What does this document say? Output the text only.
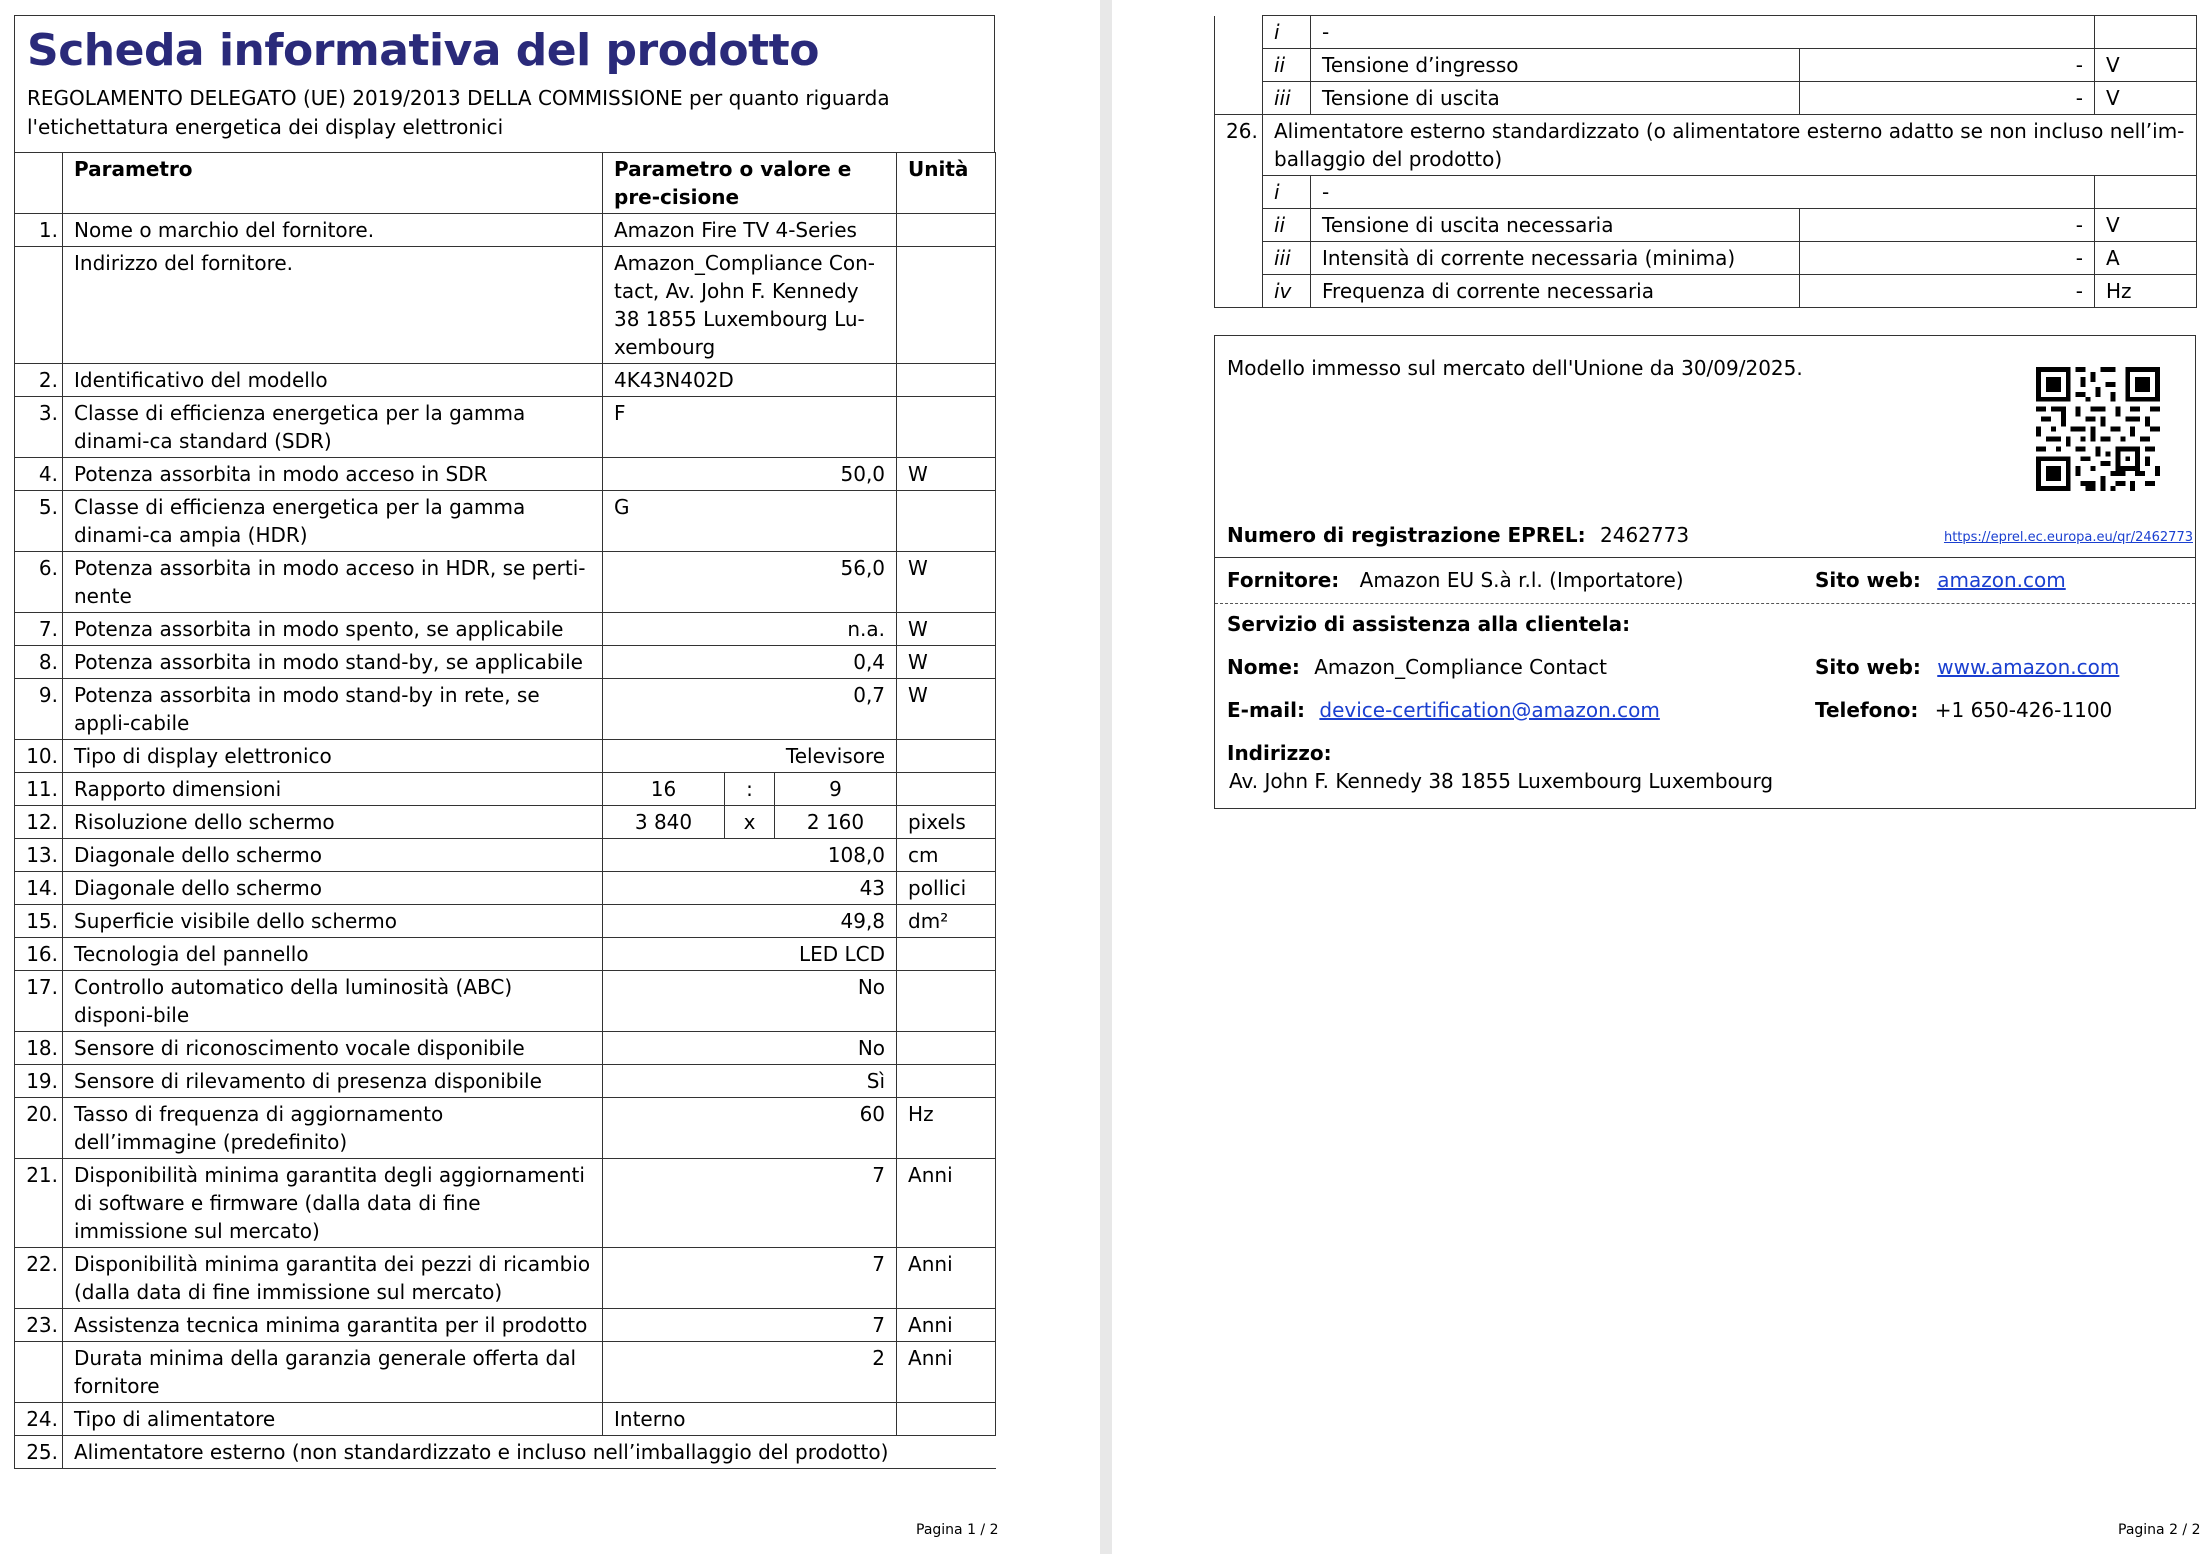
Scheda informativa del prodotto
REGOLAMENTO DELEGATO (UE) 2019/2013 DELLA COMMISSIONE per quanto riguarda
l'etichettatura energetica dei display elettronici
	Parametro	Parametro o valore e pre-cisione			Unità
1.	Nome o marchio del fornitore.	Amazon Fire TV 4-Series			
	Indirizzo del fornitore.	Amazon_Compliance Con-tact, Av. John F. Kennedy 38 1855 Luxembourg Lu-xembourg			
2.	Identificativo del modello	4K43N402D			
3.	Classe di efficienza energetica per la gamma dinami-ca standard (SDR)	F			
4.	Potenza assorbita in modo acceso in SDR	50,0			W
5.	Classe di efficienza energetica per la gamma dinami-ca ampia (HDR)	G			
6.	Potenza assorbita in modo acceso in HDR, se perti-nente	56,0			W
7.	Potenza assorbita in modo spento, se applicabile	n.a.			W
8.	Potenza assorbita in modo stand-by, se applicabile	0,4			W
9.	Potenza assorbita in modo stand-by in rete, se appli-cabile	0,7			W
10.	Tipo di display elettronico	Televisore			
11.	Rapporto dimensioni	16	:	9	
12.	Risoluzione dello schermo	3 840	x	2 160	pixels
13.	Diagonale dello schermo	108,0			cm
14.	Diagonale dello schermo	43			pollici
15.	Superficie visibile dello schermo	49,8			dm²
16.	Tecnologia del pannello	LED LCD			
17.	Controllo automatico della luminosità (ABC) disponi-bile	No			
18.	Sensore di riconoscimento vocale disponibile	No			
19.	Sensore di rilevamento di presenza disponibile	Sì			
20.	Tasso di frequenza di aggiornamento dell’immagine (predefinito)	60			Hz
21.	Disponibilità minima garantita degli aggiornamenti di software e firmware (dalla data di fine immissione sul mercato)	7			Anni
22.	Disponibilità minima garantita dei pezzi di ricambio (dalla data di fine immissione sul mercato)	7			Anni
23.	Assistenza tecnica minima garantita per il prodotto	7			Anni
	Durata minima della garanzia generale offerta dal fornitore	2			Anni
24.	Tipo di alimentatore	Interno			
25.	Alimentatore esterno (non standardizzato e incluso nell’imballaggio del prodotto)				
Pagina 1 / 2
	i	-		
	ii	Tensione d’ingresso	-	V
	iii	Tensione di uscita	-	V
26.	Alimentatore esterno standardizzato (o alimentatore esterno adatto se non incluso nell’im-ballaggio del prodotto)			
	i	-		
	ii	Tensione di uscita necessaria	-	V
	iii	Intensità di corrente necessaria (minima)	-	A
	iv	Frequenza di corrente necessaria	-	Hz
Modello immesso sul mercato dell'Unione da 30/09/2025.
Numero di registrazione EPREL: 2462773	https://eprel.ec.europa.eu/qr/2462773
Fornitore: Amazon EU S.à r.l. (Importatore)	Sito web: amazon.com
Servizio di assistenza alla clientela:
Nome: Amazon_Compliance Contact	Sito web: www.amazon.com
E-mail: device-certification@amazon.com	Telefono: +1 650-426-1100
Indirizzo:
Av. John F. Kennedy 38 1855 Luxembourg Luxembourg
Pagina 2 / 2
